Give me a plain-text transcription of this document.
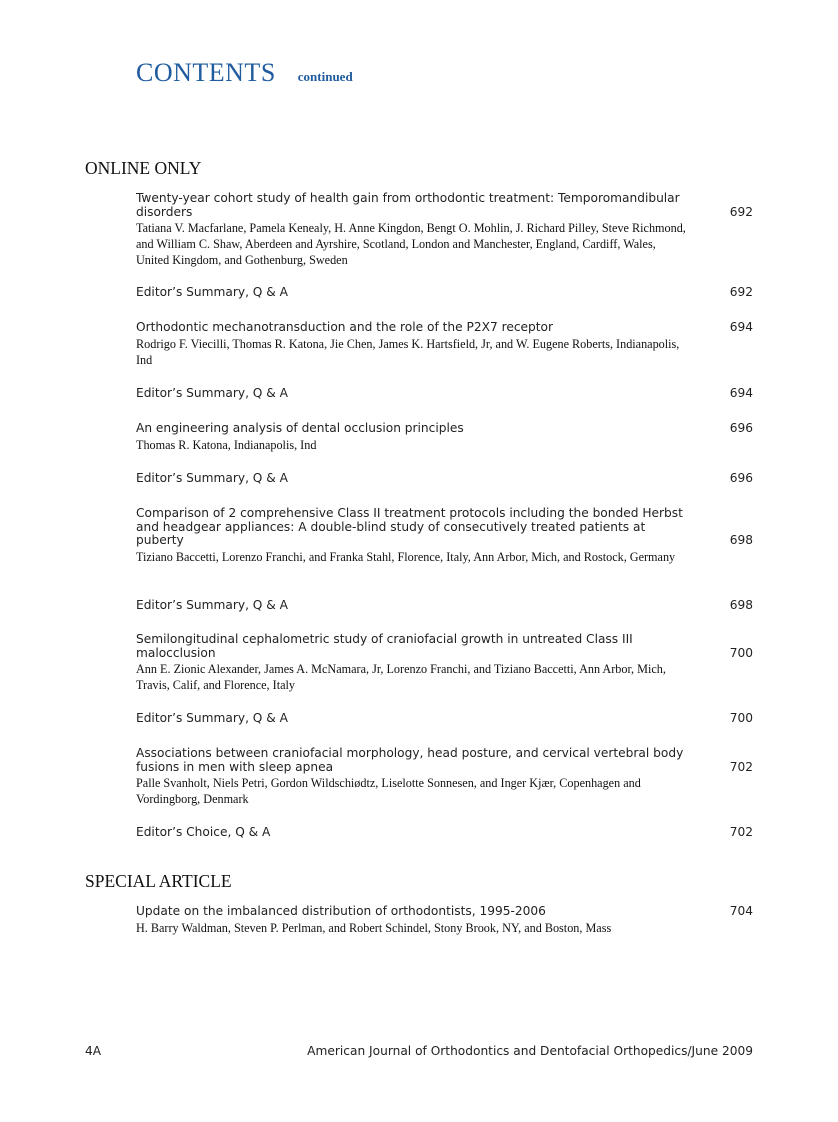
CONTENTS continued
ONLINE ONLY
Twenty-year cohort study of health gain from orthodontic treatment: Temporomandibular disorders	692
Tatiana V. Macfarlane, Pamela Kenealy, H. Anne Kingdon, Bengt O. Mohlin, J. Richard Pilley, Steve Richmond, and William C. Shaw, Aberdeen and Ayrshire, Scotland, London and Manchester, England, Cardiff, Wales, United Kingdom, and Gothenburg, Sweden
Editor’s Summary, Q & A	692
Orthodontic mechanotransduction and the role of the P2X7 receptor	694
Rodrigo F. Viecilli, Thomas R. Katona, Jie Chen, James K. Hartsfield, Jr, and W. Eugene Roberts, Indianapolis, Ind
Editor’s Summary, Q & A	694
An engineering analysis of dental occlusion principles	696
Thomas R. Katona, Indianapolis, Ind
Editor’s Summary, Q & A	696
Comparison of 2 comprehensive Class II treatment protocols including the bonded Herbst and headgear appliances: A double-blind study of consecutively treated patients at puberty	698
Tiziano Baccetti, Lorenzo Franchi, and Franka Stahl, Florence, Italy, Ann Arbor, Mich, and Rostock, Germany
Editor’s Summary, Q & A	698
Semilongitudinal cephalometric study of craniofacial growth in untreated Class III malocclusion	700
Ann E. Zionic Alexander, James A. McNamara, Jr, Lorenzo Franchi, and Tiziano Baccetti, Ann Arbor, Mich, Travis, Calif, and Florence, Italy
Editor’s Summary, Q & A	700
Associations between craniofacial morphology, head posture, and cervical vertebral body fusions in men with sleep apnea	702
Palle Svanholt, Niels Petri, Gordon Wildschiødtz, Liselotte Sonnesen, and Inger Kjær, Copenhagen and Vordingborg, Denmark
Editor’s Choice, Q & A	702
SPECIAL ARTICLE
Update on the imbalanced distribution of orthodontists, 1995-2006	704
H. Barry Waldman, Steven P. Perlman, and Robert Schindel, Stony Brook, NY, and Boston, Mass
4A	American Journal of Orthodontics and Dentofacial Orthopedics/June 2009
